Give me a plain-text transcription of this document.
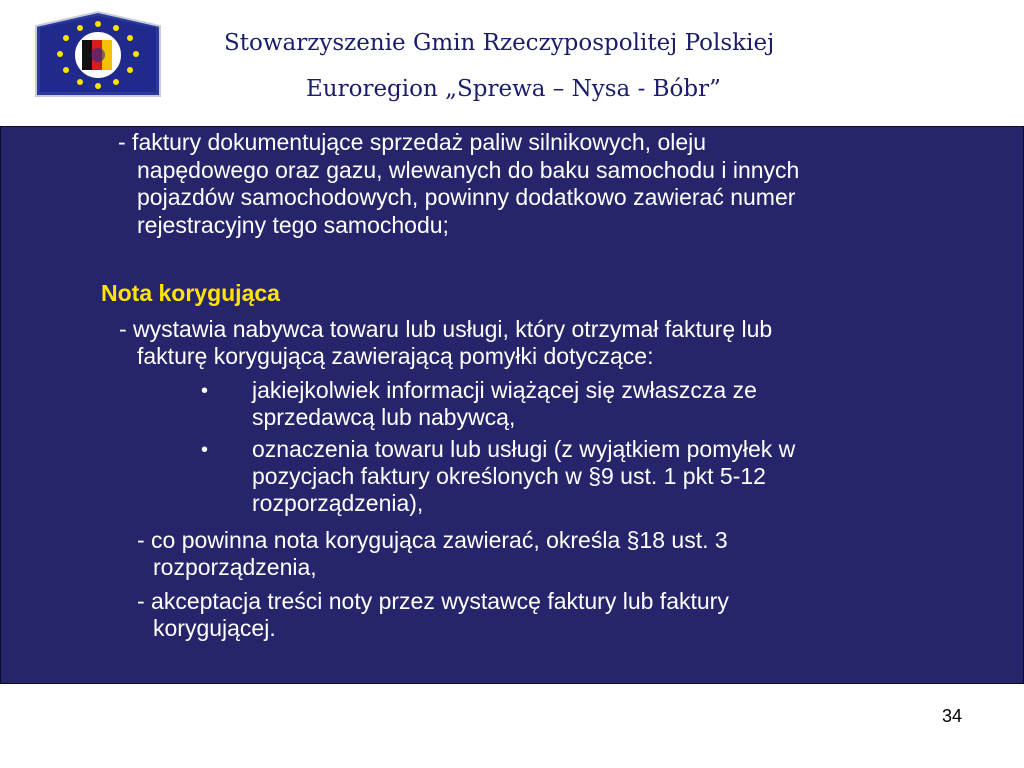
Stowarzyszenie Gmin Rzeczypospolitej Polskiej
Euroregion „Sprewa – Nysa - Bóbr”
- faktury dokumentujące sprzedaż paliw silnikowych, oleju
napędowego oraz gazu, wlewanych do baku samochodu i innych
pojazdów samochodowych, powinny dodatkowo zawierać numer
rejestracyjny tego samochodu;
Nota korygująca
- wystawia nabywca towaru lub usługi, który otrzymał fakturę lub
fakturę korygującą zawierającą pomyłki dotyczące:
• jakiejkolwiek informacji wiążącej się zwłaszcza ze
sprzedawcą lub nabywcą,
• oznaczenia towaru lub usługi (z wyjątkiem pomyłek w
pozycjach faktury określonych w §9 ust. 1 pkt 5-12
rozporządzenia),
- co powinna nota korygująca zawierać, określa §18 ust. 3
rozporządzenia,
- akceptacja treści noty przez wystawcę faktury lub faktury
korygującej.
34
